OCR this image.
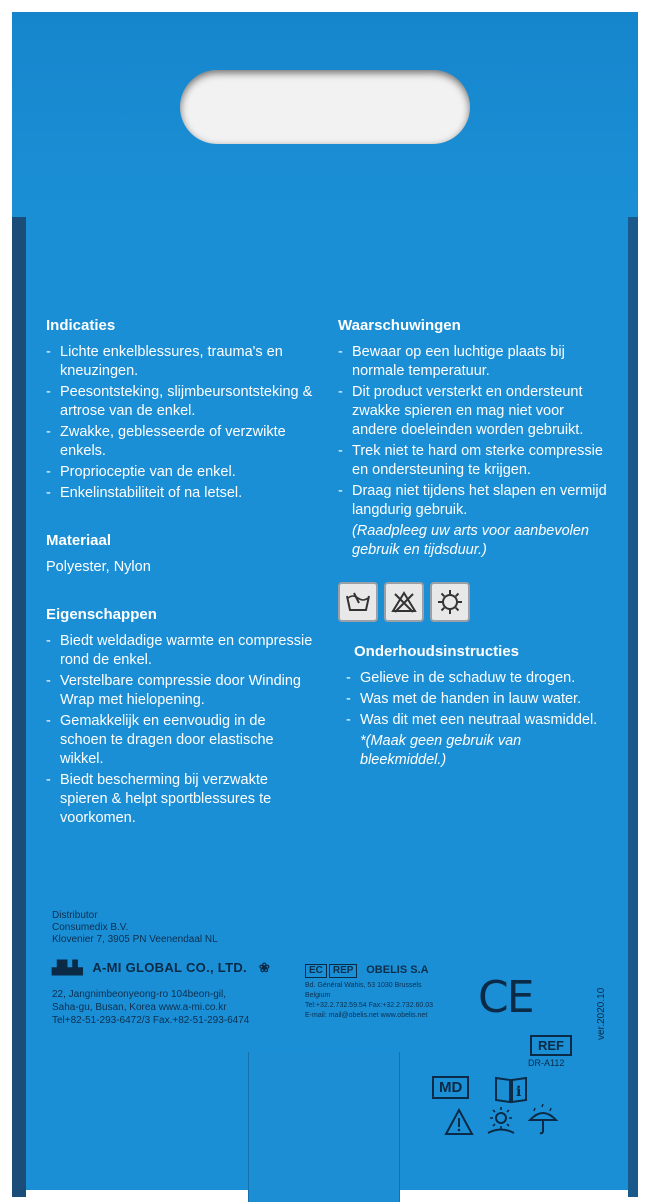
Indicaties
- Lichte enkelblessures, trauma's en kneuzingen.
- Peesontsteking, slijmbeursontsteking & artrose van de enkel.
- Zwakke, geblesseerde of verzwikte enkels.
- Proprioceptie van de enkel.
- Enkelinstabiliteit of na letsel.
Materiaal

Polyester, Nylon

Eigenschappen
- Biedt weldadige warmte en compressie rond de enkel.
- Verstelbare compressie door Winding Wrap met hielopening.
- Gemakkelijk en eenvoudig in de schoen te dragen door elastische wikkel.
- Biedt bescherming bij verzwakte spieren & helpt sportblessures te voorkomen.
Waarschuwingen
- Bewaar op een luchtige plaats bij normale temperatuur.
- Dit product versterkt en ondersteunt zwakke spieren en mag niet voor andere doeleinden worden gebruikt.
- Trek niet te hard om sterke compressie en ondersteuning te krijgen.
- Draag niet tijdens het slapen en vermijd langdurig gebruik.

(Raadpleeg uw arts voor aanbevolen gebruik en tijdsduur.)

Onderhoudsinstructies
- Gelieve in de schaduw te drogen.
- Was met de handen in lauw water.
- Was dit met een neutraal wasmiddel.

*(Maak geen gebruik van bleekmiddel.)

Distributor
Consumedix B.V.
Klovenier 7, 3905 PN Veenendaal NL
▟▙▙ A-MI GLOBAL CO., LTD. ❀
22, Jangnimbeonyeong-ro 104beon-gil,
Saha-gu, Busan, Korea www.a-mi.co.kr
Tel+82-51-293-6472/3 Fax.+82-51-293-6474
EC REP OBELIS S.A
Bd. Général Wahis, 53 1030 Brussels
Belgium
Tel:+32.2.732.59.54 Fax:+32.2.732.60.03
E-mail: mail@obelis.net www.obelis.net CE
REF
DR-A112
ver.2020.10
MD	i
